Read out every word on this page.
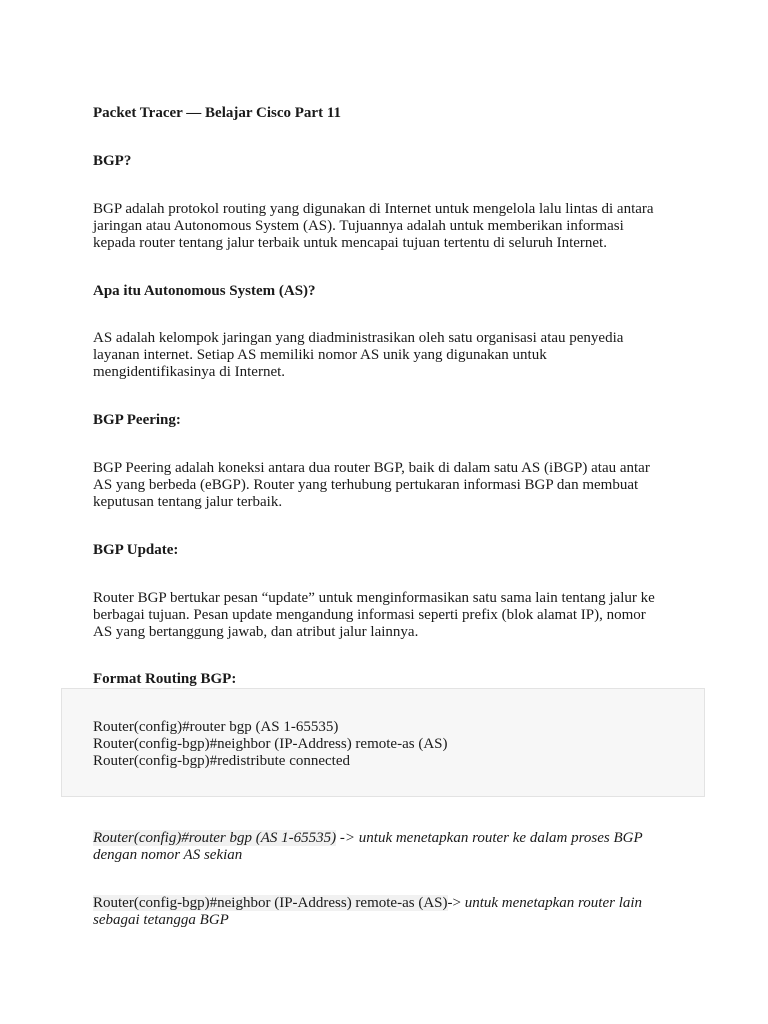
Packet Tracer — Belajar Cisco Part 11

BGP?

BGP adalah protokol routing yang digunakan di Internet untuk mengelola lalu lintas di antara
jaringan atau Autonomous System (AS). Tujuannya adalah untuk memberikan informasi
kepada router tentang jalur terbaik untuk mencapai tujuan tertentu di seluruh Internet.

Apa itu Autonomous System (AS)?

AS adalah kelompok jaringan yang diadministrasikan oleh satu organisasi atau penyedia
layanan internet. Setiap AS memiliki nomor AS unik yang digunakan untuk
mengidentifikasinya di Internet.

BGP Peering:

BGP Peering adalah koneksi antara dua router BGP, baik di dalam satu AS (iBGP) atau antar
AS yang berbeda (eBGP). Router yang terhubung pertukaran informasi BGP dan membuat
keputusan tentang jalur terbaik.

BGP Update:

Router BGP bertukar pesan “update” untuk menginformasikan satu sama lain tentang jalur ke
berbagai tujuan. Pesan update mengandung informasi seperti prefix (blok alamat IP), nomor
AS yang bertanggung jawab, dan atribut jalur lainnya.

Format Routing BGP:

Router(config)#router bgp (AS 1-65535)

Router(config-bgp)#neighbor (IP-Address) remote-as (AS)

Router(config-bgp)#redistribute connected

Router(config)#router bgp (AS 1-65535) -> untuk menetapkan router ke dalam proses BGP
dengan nomor AS sekian
Router(config-bgp)#neighbor (IP-Address) remote-as (AS)-> untuk menetapkan router lain
sebagai tetangga BGP
